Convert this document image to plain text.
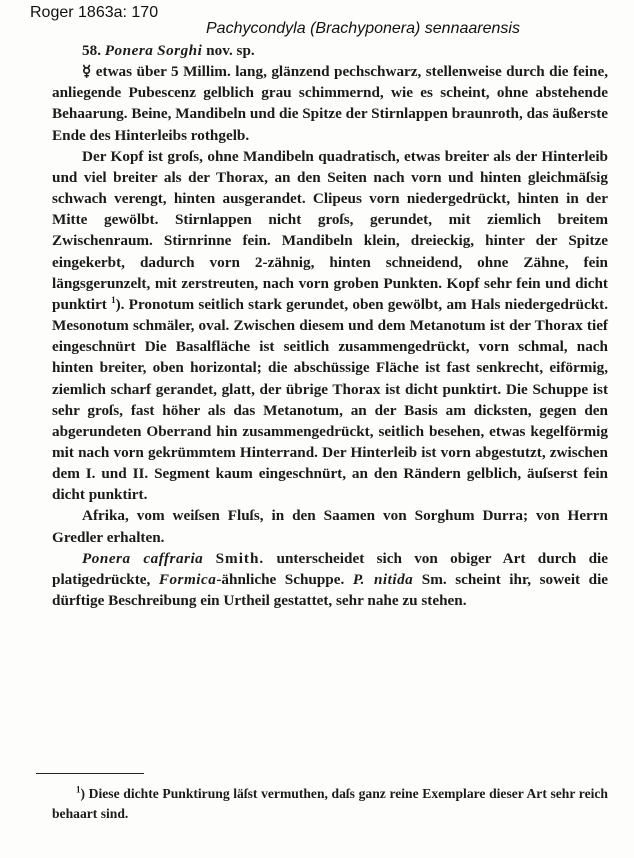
Roger 1863a: 170
Pachycondyla (Brachyponera) sennaarensis

58. Ponera Sorghi nov. sp.

☿ etwas über 5 Millim. lang, glänzend pechschwarz, stellenweise durch die feine, anliegende Pubescenz gelblich grau schimmernd, wie es scheint, ohne abstehende Behaarung. Beine, Mandibeln und die Spitze der Stirnlappen braunroth, das äußerste Ende des Hinterleibs rothgelb.

Der Kopf ist groſs, ohne Mandibeln quadratisch, etwas breiter als der Hinterleib und viel breiter als der Thorax, an den Seiten nach vorn und hinten gleichmäſsig schwach verengt, hinten ausgerandet. Clipeus vorn niedergedrückt, hinten in der Mitte gewölbt. Stirnlappen nicht groſs, gerundet, mit ziemlich breitem Zwischenraum. Stirnrinne fein. Mandibeln klein, dreieckig, hinter der Spitze eingekerbt, dadurch vorn 2-zähnig, hinten schneidend, ohne Zähne, fein längsgerunzelt, mit zerstreuten, nach vorn groben Punkten. Kopf sehr fein und dicht punktirt $^1$). Pronotum seitlich stark gerundet, oben gewölbt, am Hals niedergedrückt. Mesonotum schmäler, oval. Zwischen diesem und dem Metanotum ist der Thorax tief eingeschnürt Die Basalfläche ist seitlich zusammengedrückt, vorn schmal, nach hinten breiter, oben horizontal; die abschüssige Fläche ist fast senkrecht, eiförmig, ziemlich scharf gerandet, glatt, der übrige Thorax ist dicht punktirt. Die Schuppe ist sehr groſs, fast höher als das Metanotum, an der Basis am dicksten, gegen den abgerundeten Oberrand hin zusammengedrückt, seitlich besehen, etwas kegelförmig mit nach vorn gekrümmtem Hinterrand. Der Hinterleib ist vorn abgestutzt, zwischen dem I. und II. Segment kaum eingeschnürt, an den Rändern gelblich, äuſserst fein dicht punktirt.

Afrika, vom weiſsen Fluſs, in den Saamen von Sorghum Durra; von Herrn Gredler erhalten.

Ponera caffraria Smith. unterscheidet sich von obiger Art durch die platigedrückte, Formica-ähnliche Schuppe. P. nitida Sm. scheint ihr, soweit die dürftige Beschreibung ein Urtheil gestattet, sehr nahe zu stehen.

$^1$) Diese dichte Punktirung läſst vermuthen, daſs ganz reine Exemplare dieser Art sehr reich behaart sind.
